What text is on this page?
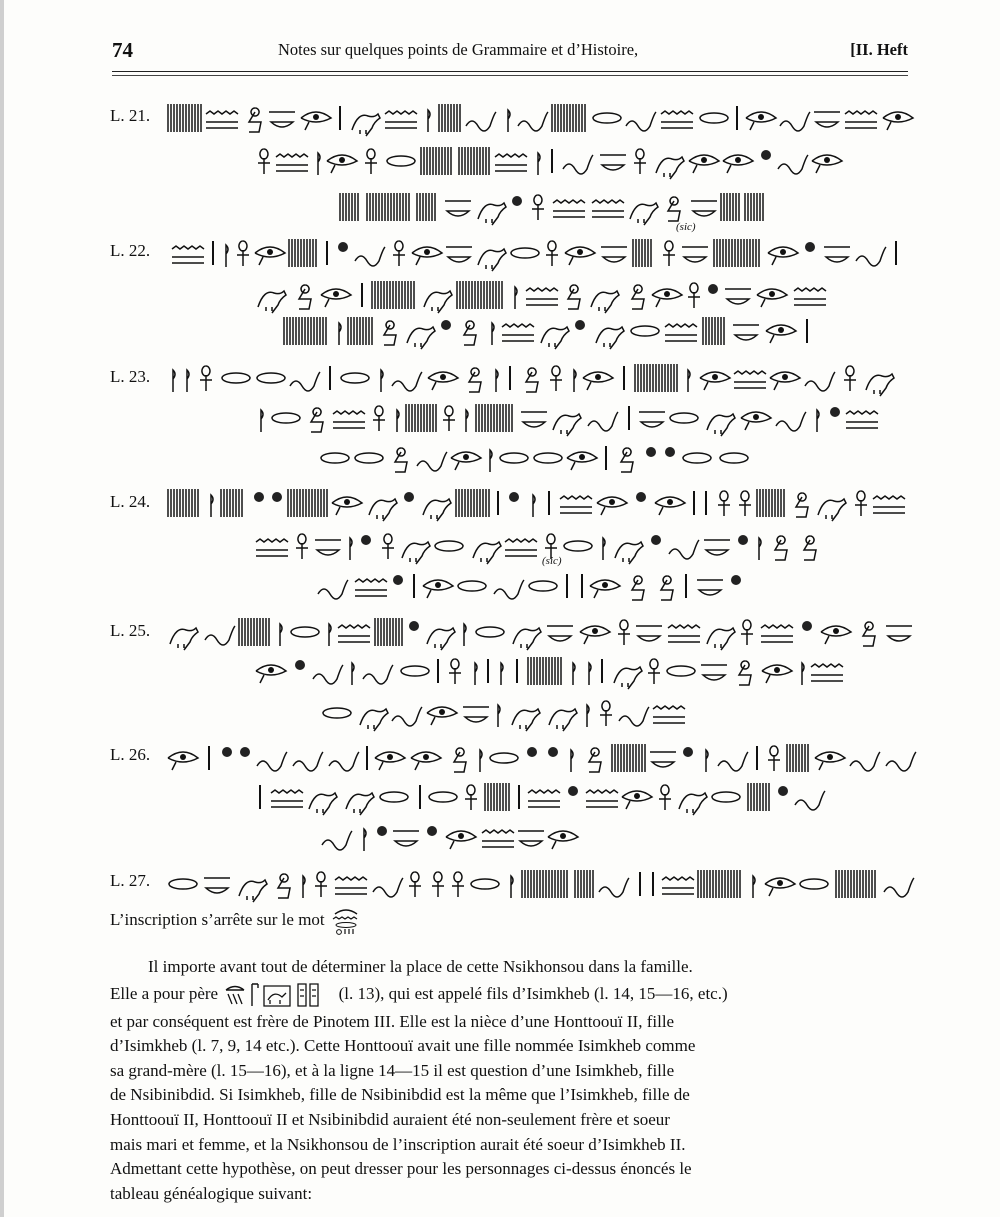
74	Notes sur quelques points de Grammaire et d’Histoire,	[II. Heft
L. 21.
L. 22.
L. 23.
L. 24.
L. 25.
L. 26.
L. 27.
(sic)
(sic)
L’inscription s’arrête sur le mot

Il importe avant tout de déterminer la place de cette Nsikhonsou dans la famille.

Elle a pour père	(l. 13), qui est appelé fils d’Isimkheb (l. 14, 15—16, etc.)

et par conséquent est frère de Pinotem III. Elle est la nièce d’une Honttoouï II, fille

d’Isimkheb (l. 7, 9, 14 etc.). Cette Honttoouï avait une fille nommée Isimkheb comme

sa grand-mère (l. 15—16), et à la ligne 14—15 il est question d’une Isimkheb, fille

de Nsibinibdid. Si Isimkheb, fille de Nsibinibdid est la même que l’Isimkheb, fille de

Honttoouï II, Honttoouï II et Nsibinibdid auraient été non-seulement frère et soeur

mais mari et femme, et la Nsikhonsou de l’inscription aurait été soeur d’Isimkheb II.

Admettant cette hypothèse, on peut dresser pour les personnages ci-dessus énoncés le

tableau généalogique suivant:
